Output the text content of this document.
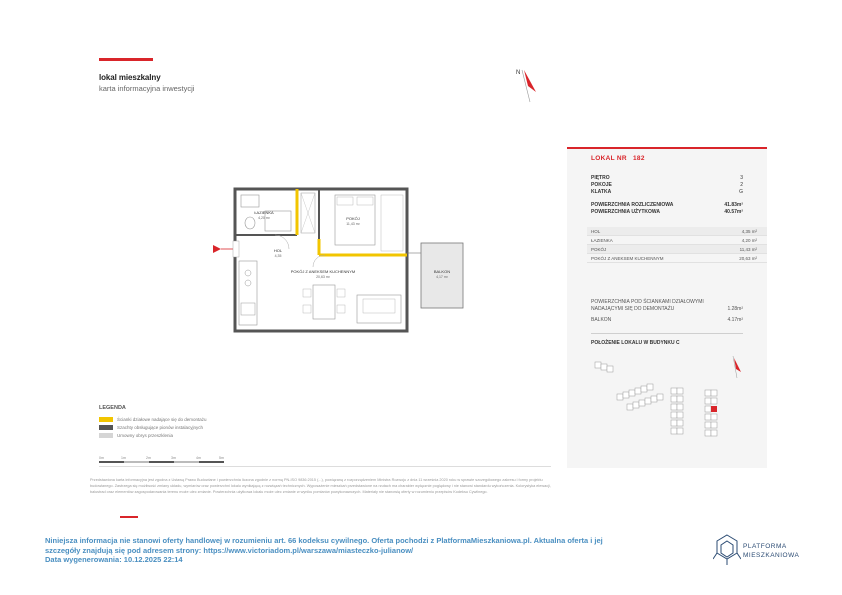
lokal mieszkalny
karta informacyjna inwestycji
N
ŁAZIENKA
4,20 m²	POKÓJ
11,43 m²
HOL
4,35
POKÓJ Z ANEKSEM KUCHENNYM
20,63 m²
BALKON
4,17 m²
LOKAL NR 182
PIĘTRO	3
POKOJE	2
KLATKA	G
POWIERZCHNIA ROZLICZENIOWA	41.83m²
POWIERZCHNIA UŻYTKOWA	40.57m²
HOL	4,35 m²
ŁAZIENKA	4,20 m²
POKÓJ	11,43 m²
POKÓJ Z ANEKSEM KUCHENNYM	20,63 m²
POWIERZCHNIA POD ŚCIANKAMI DZIAŁOWYMI
NADAJĄCYMI SIĘ DO DEMONTAŻU	1.28m²
BALKON	4.17m²
POŁOŻENIE LOKALU W BUDYNKU C
LEGENDA
Ścianki działowe nadające się do demontażu
Szachty obsługujące pionów instalacyjnych
Umowny obrys przeszklenia
0m	1m	2m	3m	4m	5m
Przedstawiona karta informacyjna jest zgodna z Ustawą Prawo Budowlane i powierzchnia liczona zgodnie z normą PN-ISO 9836:2015 (...), powiązaną z rozporządzeniem Ministra Rozwoju z dnia 11 września 2020 roku w sprawie szczegółowego zakresu i formy projektu budowlanego. Zastrzega się możliwość zmiany układu, wymiarów oraz powierzchni lokalu wynikającą z rozwiązań technicznych. Wyposażenie mieszkań przedstawione na rzutach ma charakter wyłącznie poglądowy i nie stanowi standardu wykończenia. Kolorystyka elewacji, balustrad oraz elementów zagospodarowania terenu może ulec zmianie. Powierzchnia użytkowa lokalu może ulec zmianie w wyniku pomiarów powykonawczych. Materiały nie stanowią oferty w rozumieniu przepisów Kodeksu Cywilnego.
Niniejsza informacja nie stanowi oferty handlowej w rozumieniu art. 66 kodeksu cywilnego. Oferta pochodzi z PlatformaMieszkaniowa.pl. Aktualna oferta i jej
szczegóły znajdują się pod adresem strony: https://www.victoriadom.pl/warszawa/miasteczko-julianow/
Data wygenerowania: 10.12.2025 22:14
PLATFORMA
MIESZKANIOWA
